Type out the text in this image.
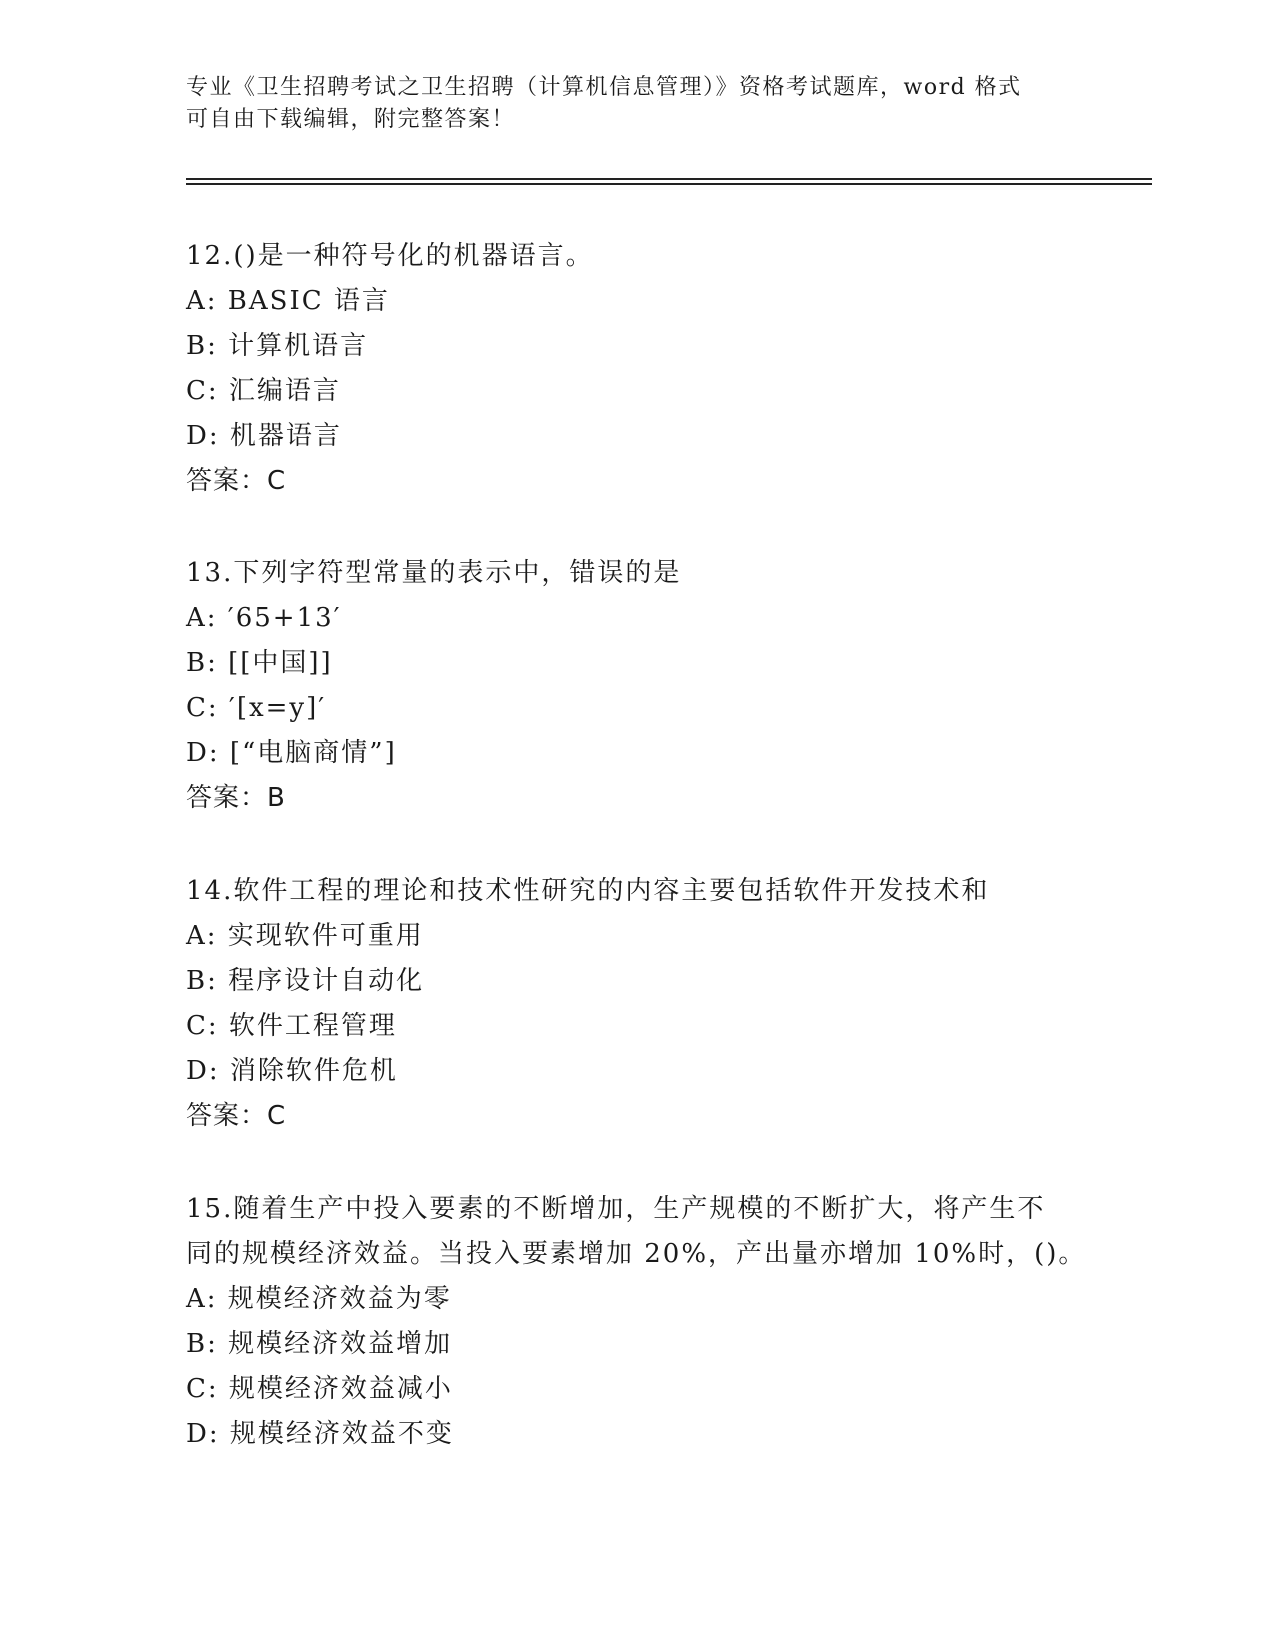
专业《卫生招聘考试之卫生招聘（计算机信息管理）》资格考试题库，word 格式
可自由下载编辑，附完整答案！
12.()是一种符号化的机器语言。
A: BASIC 语言
B: 计算机语言
C: 汇编语言
D: 机器语言
答案：C
13.下列字符型常量的表示中，错误的是
A: ′65+13′
B: [[中国]]
C: ′[x=y]′
D: [“电脑商情”]
答案：B
14.软件工程的理论和技术性研究的内容主要包括软件开发技术和
A: 实现软件可重用
B: 程序设计自动化
C: 软件工程管理
D: 消除软件危机
答案：C
15.随着生产中投入要素的不断增加，生产规模的不断扩大，将产生不
同的规模经济效益。当投入要素增加 20%，产出量亦增加 10%时，()。
A: 规模经济效益为零
B: 规模经济效益增加
C: 规模经济效益减小
D: 规模经济效益不变
